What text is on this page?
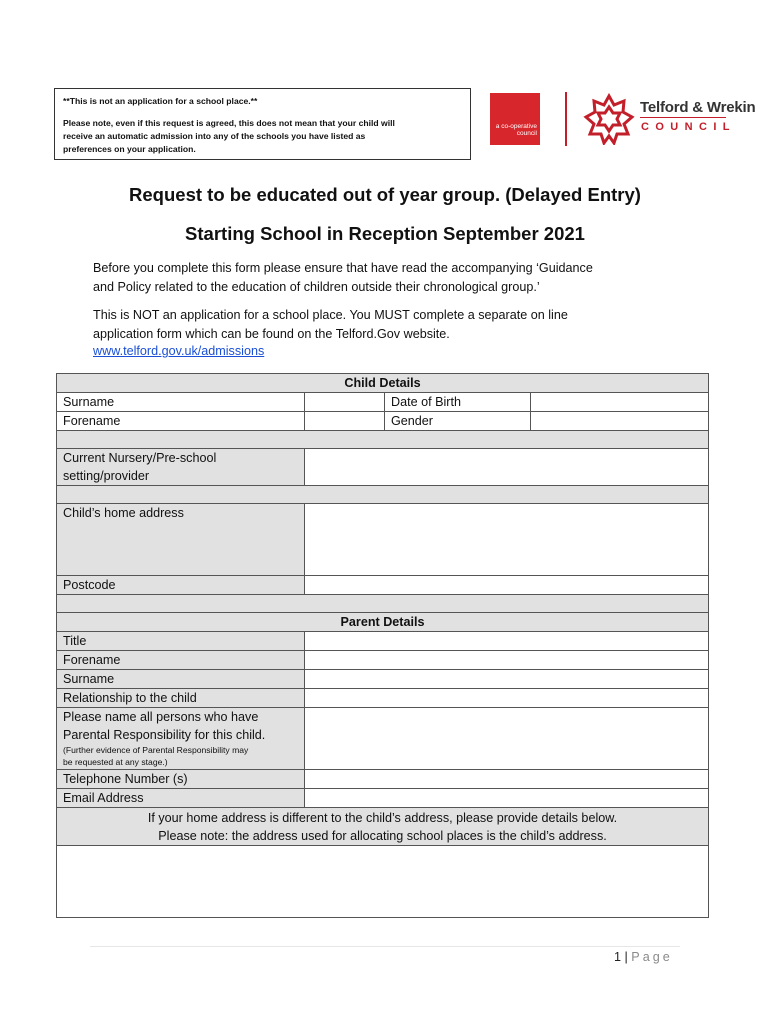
**This is not an application for a school place.**
Please note, even if this request is agreed, this does not mean that your child will
receive an automatic admission into any of the schools you have listed as
preferences on your application.
a co-operative council
Telford & Wrekin
COUNCIL
Request to be educated out of year group. (Delayed Entry)
Starting School in Reception September 2021
Before you complete this form please ensure that have read the accompanying ‘Guidance
and Policy related to the education of children outside their chronological group.’
This is NOT an application for a school place. You MUST complete a separate on line
application form which can be found on the Telford.Gov website.
www.telford.gov.uk/admissions
Child Details			
Surname		Date of Birth	
Forename		Gender	

Current Nursery/Pre-school
setting/provider			

Child’s home address			
Postcode			

Parent Details			
Title			
Forename			
Surname			
Relationship to the child			
Please name all persons who have
Parental Responsibility for this child.
(Further evidence of Parental Responsibility may
be requested at any stage.)			

Telephone Number (s)			
Email Address			
If your home address is different to the child’s address, please provide details below.
Please note: the address used for allocating school places is the child’s address.			

1 | Page
